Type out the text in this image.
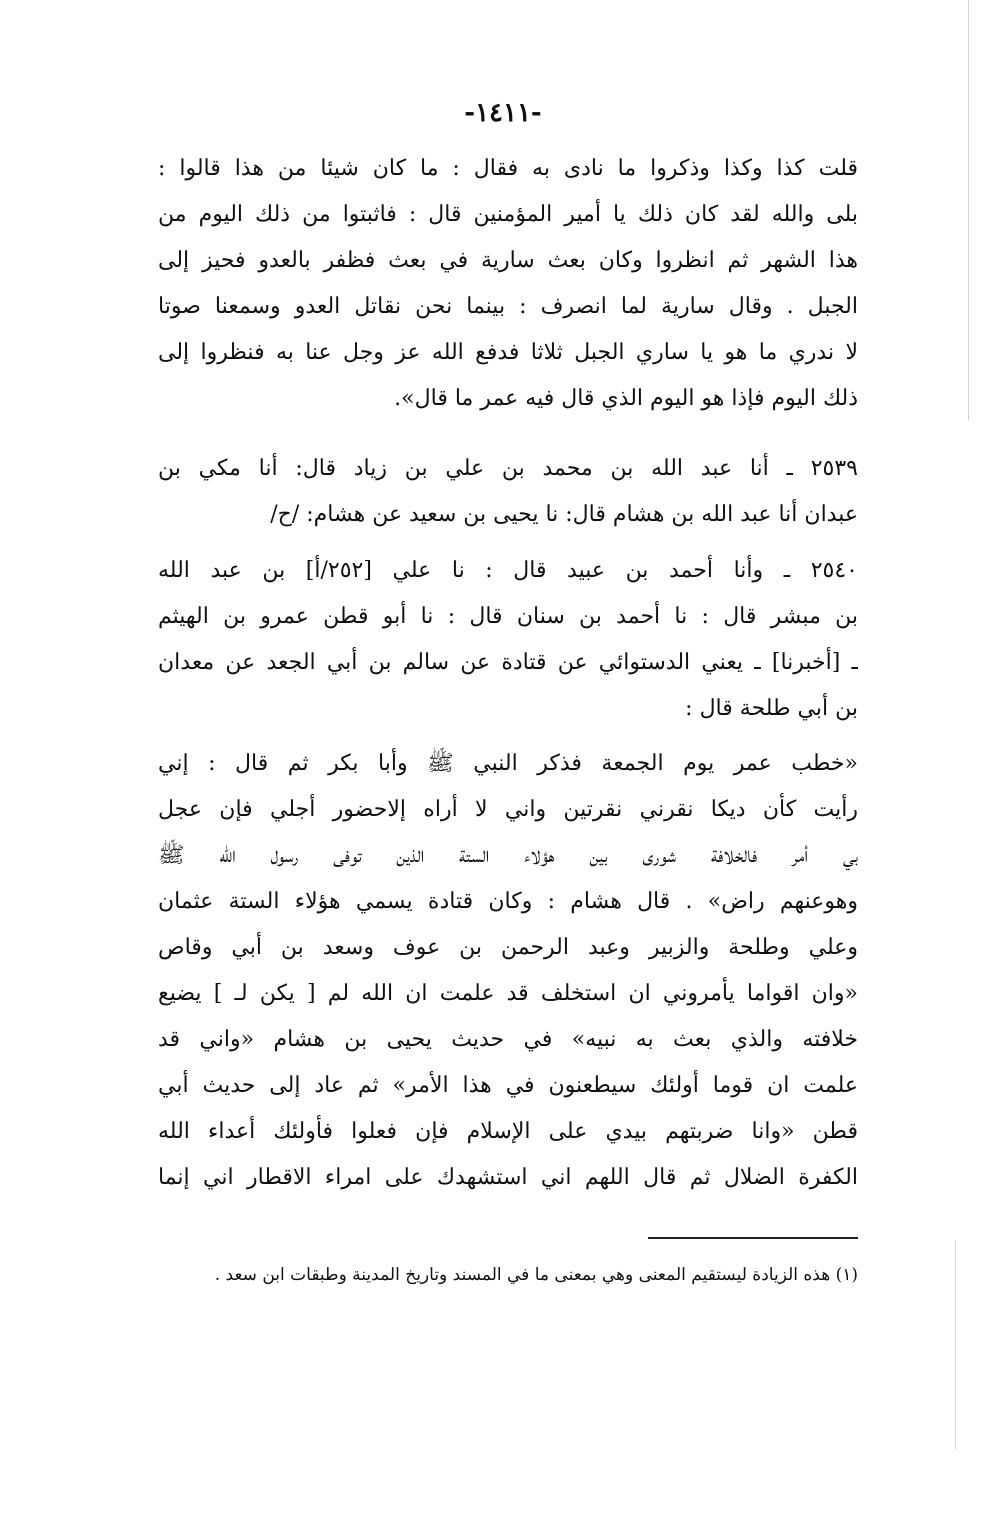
-١٤١١-
قلت كذا وكذا وذكروا ما نادى به فقال : ما كان شيئا من هذا قالوا :
بلى والله لقد كان ذلك يا أمير المؤمنين قال : فاثبتوا من ذلك اليوم من
هذا الشهر ثم انظروا وكان بعث سارية في بعث فظفر بالعدو فحيز إلى
الجبل . وقال سارية لما انصرف : بينما نحن نقاتل العدو وسمعنا صوتا
لا ندري ما هو يا ساري الجبل ثلاثا فدفع الله عز وجل عنا به فنظروا إلى
ذلك اليوم فإذا هو اليوم الذي قال فيه عمر ما قال».
٢٥٣٩ ـ أنا عبد الله بن محمد بن علي بن زياد قال: أنا مكي بن
عبدان أنا عبد الله بن هشام قال: نا يحيى بن سعيد عن هشام: /ح/
٢٥٤٠ ـ وأنا أحمد بن عبيد قال : نا علي [٢٥٢/أ] بن عبد الله
بن مبشر قال : نا أحمد بن سنان قال : نا أبو قطن عمرو بن الهيثم
ـ [أخبرنا] ـ يعني الدستوائي عن قتادة عن سالم بن أبي الجعد عن معدان
بن أبي طلحة قال :
«خطب عمر يوم الجمعة فذكر النبي ﷺ وأبا بكر ثم قال : إني
رأيت كأن ديكا نقرني نقرتين واني لا أراه إلاحضور أجلي فإن عجل
بي أمر فالخلافة شورى بين هؤلاء الستة الذين توفى رسول الله ﷺ
وهوعنهم راض» . قال هشام : وكان قتادة يسمي هؤلاء الستة عثمان
وعلي وطلحة والزبير وعبد الرحمن بن عوف وسعد بن أبي وقاص
«وان اقواما يأمروني ان استخلف قد علمت ان الله لم [ يكن لـ ] يضيع
خلافته والذي بعث به نبيه» في حديث يحيى بن هشام «واني قد
علمت ان قوما أولئك سيطعنون في هذا الأمر» ثم عاد إلى حديث أبي
قطن «وانا ضربتهم بيدي على الإسلام فإن فعلوا فأولئك أعداء الله
الكفرة الضلال ثم قال اللهم اني استشهدك على امراء الاقطار اني إنما
(١) هذه الزيادة ليستقيم المعنى وهي بمعنى ما في المسند وتاريخ المدينة وطبقات ابن سعد .
